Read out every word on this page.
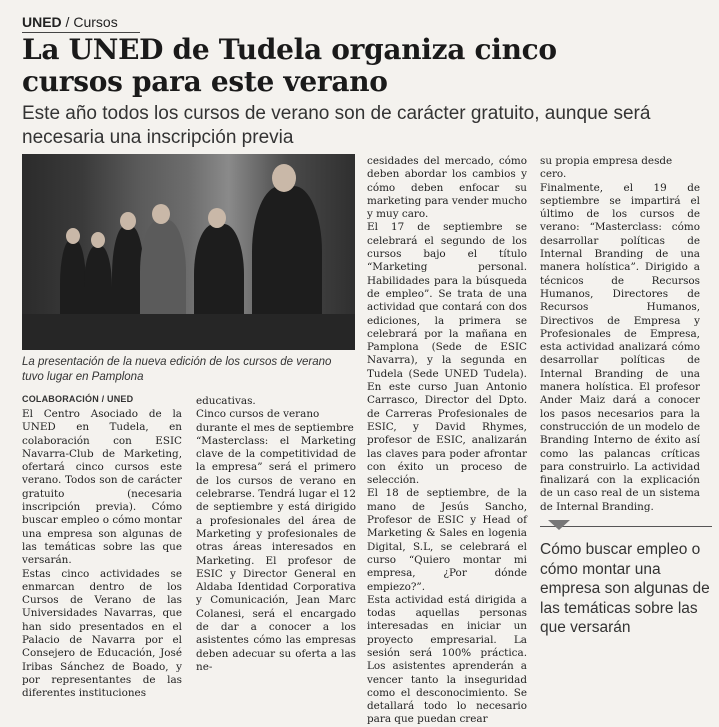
UNED / Cursos
La UNED de Tudela organiza cinco cursos para este verano

Este año todos los cursos de verano son de carácter gratuito, aunque será necesaria una inscripción previa

La presentación de la nueva edición de los cursos de verano tuvo lugar en Pamplona

COLABORACIÓN / UNED

El Centro Asociado de la UNED en Tudela, en colaboración con ESIC Navarra-Club de Marketing, ofertará cinco cursos este verano. Todos son de carácter gratuito (necesaria inscripción previa). Cómo buscar empleo o cómo montar una empresa son algunas de las temáticas sobre las que versarán.

Estas cinco actividades se enmarcan dentro de los Cursos de Verano de las Universidades Navarras, que han sido presentados en el Palacio de Navarra por el Consejero de Educación, José Iribas Sánchez de Boado, y por representantes de las diferentes instituciones

educativas.

Cinco cursos de verano durante el mes de septiembre

“Masterclass: el Marketing clave de la competitividad de la empresa” será el primero de los cursos de verano en celebrarse. Tendrá lugar el 12 de septiembre y está dirigido a profesionales del área de Marketing y profesionales de otras áreas interesados en Marketing. El profesor de ESIC y Director General en Aldaba Identidad Corporativa y Comunicación, Jean Marc Colanesi, será el encargado de dar a conocer a los asistentes cómo las empresas deben adecuar su oferta a las ne-

cesidades del mercado, cómo deben abordar los cambios y cómo deben enfocar su marketing para vender mucho y muy caro.

El 17 de septiembre se celebrará el segundo de los cursos bajo el título “Marketing personal. Habilidades para la búsqueda de empleo”. Se trata de una actividad que contará con dos ediciones, la primera se celebrará por la mañana en Pamplona (Sede de ESIC Navarra), y la segunda en Tudela (Sede UNED Tudela). En este curso Juan Antonio Carrasco, Director del Dpto. de Carreras Profesionales de ESIC, y David Rhymes, profesor de ESIC, analizarán las claves para poder afrontar con éxito un proceso de selección.

El 18 de septiembre, de la mano de Jesús Sancho, Profesor de ESIC y Head of Marketing & Sales en logenia Digital, S.L, se celebrará el curso “Quiero montar mi empresa, ¿Por dónde empiezo?”.

Esta actividad está dirigida a todas aquellas personas interesadas en iniciar un proyecto empresarial. La sesión será 100% práctica. Los asistentes aprenderán a vencer tanto la inseguridad como el desconocimiento. Se detallará todo lo necesario para que puedan crear

su propia empresa desde cero.

Finalmente, el 19 de septiembre se impartirá el último de los cursos de verano: “Masterclass: cómo desarrollar políticas de Internal Branding de una manera holística”. Dirigido a técnicos de Recursos Humanos, Directores de Recursos Humanos, Directivos de Empresa y Profesionales de Empresa, esta actividad analizará cómo desarrollar políticas de Internal Branding de una manera holística. El profesor Ander Maiz dará a conocer los pasos necesarios para la construcción de un modelo de Branding Interno de éxito así como las palancas críticas para construirlo. La actividad finalizará con la explicación de un caso real de un sistema de Internal Branding.

Cómo buscar empleo o cómo montar una empresa son algunas de las temáticas sobre las que versarán
